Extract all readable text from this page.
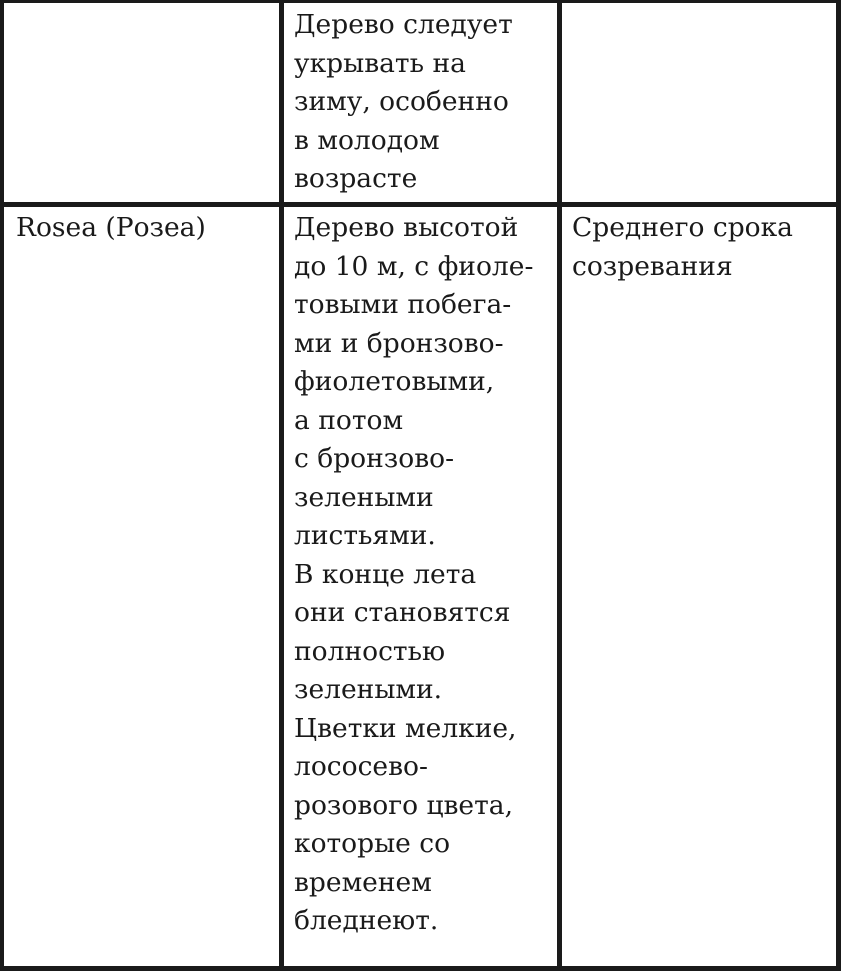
Дерево следует
укрывать на
зиму, особенно
в молодом
возрасте
Rosea (Розеа)	Дерево высотой
до 10 м, с фиоле-
товыми побега-
ми и бронзово-
фиолетовыми,
а потом
с бронзово-
зелеными
листьями.
В конце лета
они становятся
полностью
зелеными.
Цветки мелкие,
лососево-
розового цвета,
которые со
временем
бледнеют.
Среднего срока
созревания
